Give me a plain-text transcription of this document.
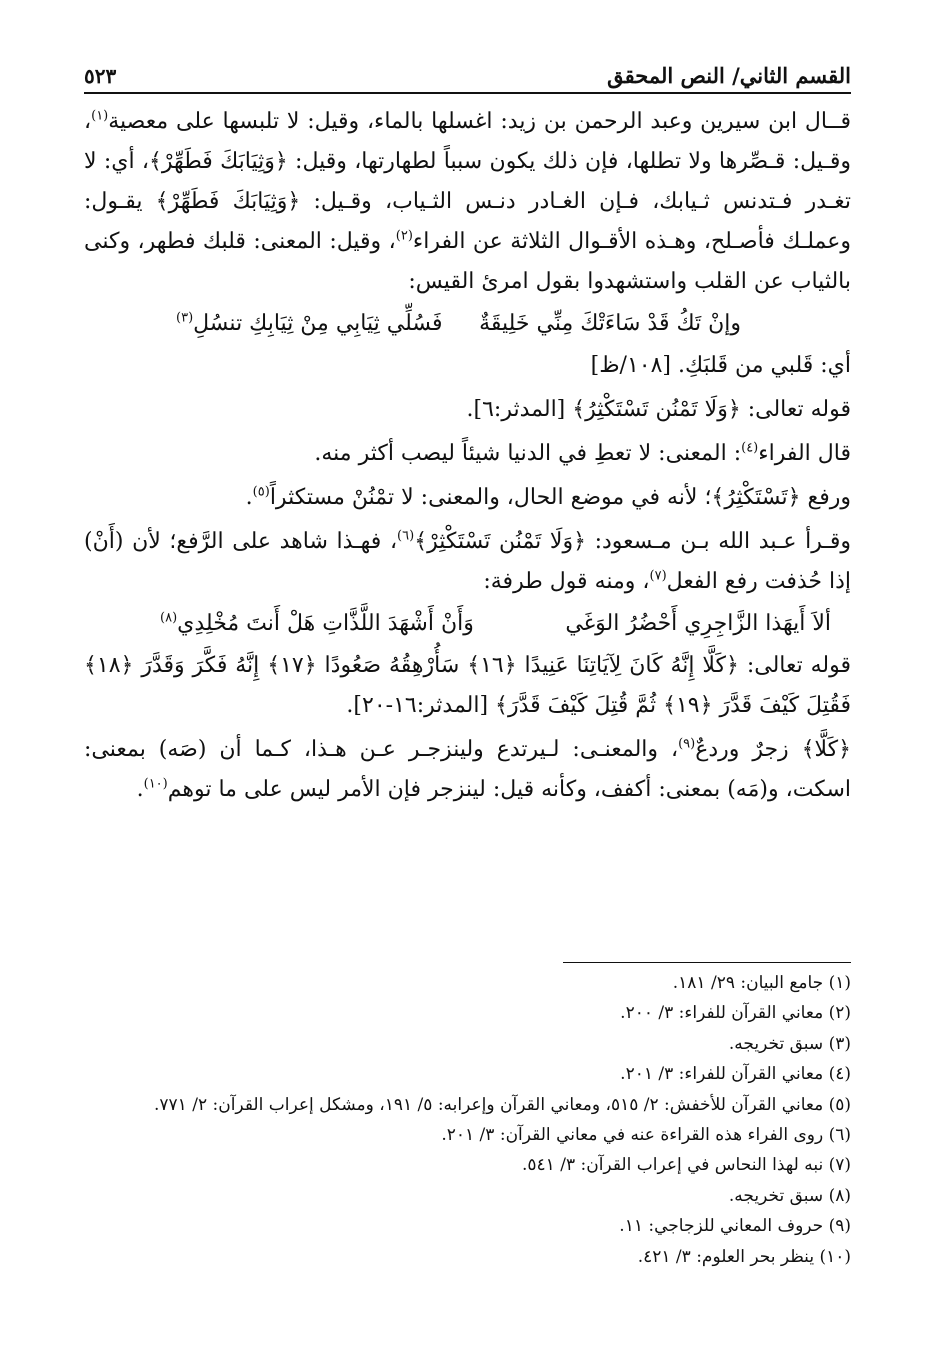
القسم الثاني/ النص المحقق
٥٢٣

قــال ابن سيرين وعبد الرحمن بن زيد: اغسلها بالماء، وقيل: لا تلبسها على معصية$^{(١)}$، وقـيل: قـصِّرها ولا تطلها، فإن ذلك يكون سبباً لطهارتها، وقيل: ﴿وَثِيَابَكَ فَطَهِّرْ﴾، أي: لا تغـدر فـتدنس ثـيابك، فـإن الغـادر دنـس الثـياب، وقـيل: ﴿وَثِيَابَكَ فَطَهِّرْ﴾ يقـول: وعملـك فأصـلح، وهـذه الأقـوال الثلاثة عن الفراء$^{(٢)}$، وقيل: المعنى: قلبك فطهر، وكنى بالثياب عن القلب واستشهدوا بقول امرئ القيس:

وإنْ تَكُ قَدْ سَاءَتْكَ مِنِّي خَلِيقَةٌ
فَسُلِّي ثِيَابِي مِنْ ثِيَابِكِ تنسُلِ$^{(٣)}$

أي: قَلبي من قَلبَكِ. [١٠٨/ظ]

قوله تعالى: ﴿وَلَا تَمْنُن تَسْتَكْثِرُ﴾ [المدثر:٦].

قال الفراء$^{(٤)}$: المعنى: لا تعطِ في الدنيا شيئاً ليصب أكثر منه.

ورفع ﴿تَسْتَكْثِرُ﴾؛ لأنه في موضع الحال، والمعنى: لا تمْنُنْ مستكثراً$^{(٥)}$.

وقـرأ عـبد الله بـن مـسعود: ﴿وَلَا تَمْنُن تَسْتَكْثِرْ﴾$^{(٦)}$، فهـذا شاهد على الرَّفع؛ لأن (أَنْ) إذا حُذفت رفع الفعل$^{(٧)}$، ومنه قول طرفة:

ألاَ أَيهَذا الزَّاجِرِي أَحْضُرُ الوَغَي
وَأَنْ أَشْهَدَ اللَّذَّاتِ هَلْ أَنتَ مُخْلِدِي$^{(٨)}$

قوله تعالى: ﴿كَلَّا إِنَّهُ كَانَ لِآيَاتِنَا عَنِيدًا ﴿١٦﴾ سَأُرْهِقُهُ صَعُودًا ﴿١٧﴾ إِنَّهُ فَكَّرَ وَقَدَّرَ ﴿١٨﴾ فَقُتِلَ كَيْفَ قَدَّرَ ﴿١٩﴾ ثُمَّ قُتِلَ كَيْفَ قَدَّرَ﴾ [المدثر:١٦-٢٠].

﴿كَلَّا﴾ زجرٌ وردعٌ$^{(٩)}$، والمعنـى: لـيرتدع ولينزجـر عـن هـذا، كـما أن (صَه) بمعنى: اسكت، و(مَه) بمعنى: أكفف، وكأنه قيل: لينزجر فإن الأمر ليس على ما توهم$^{(١٠)}$.

(١) جامع البيان: ٢٩/ ١٨١.
(٢) معاني القرآن للفراء: ٣/ ٢٠٠.
(٣) سبق تخريجه.
(٤) معاني القرآن للفراء: ٣/ ٢٠١.
(٥) معاني القرآن للأخفش: ٢/ ٥١٥، ومعاني القرآن وإعرابه: ٥/ ١٩١، ومشكل إعراب القرآن: ٢/ ٧٧١.
(٦) روى الفراء هذه القراءة عنه في معاني القرآن: ٣/ ٢٠١.
(٧) نبه لهذا النحاس في إعراب القرآن: ٣/ ٥٤١.
(٨) سبق تخريجه.
(٩) حروف المعاني للزجاجي: ١١.
(١٠) ينظر بحر العلوم: ٣/ ٤٢١.
